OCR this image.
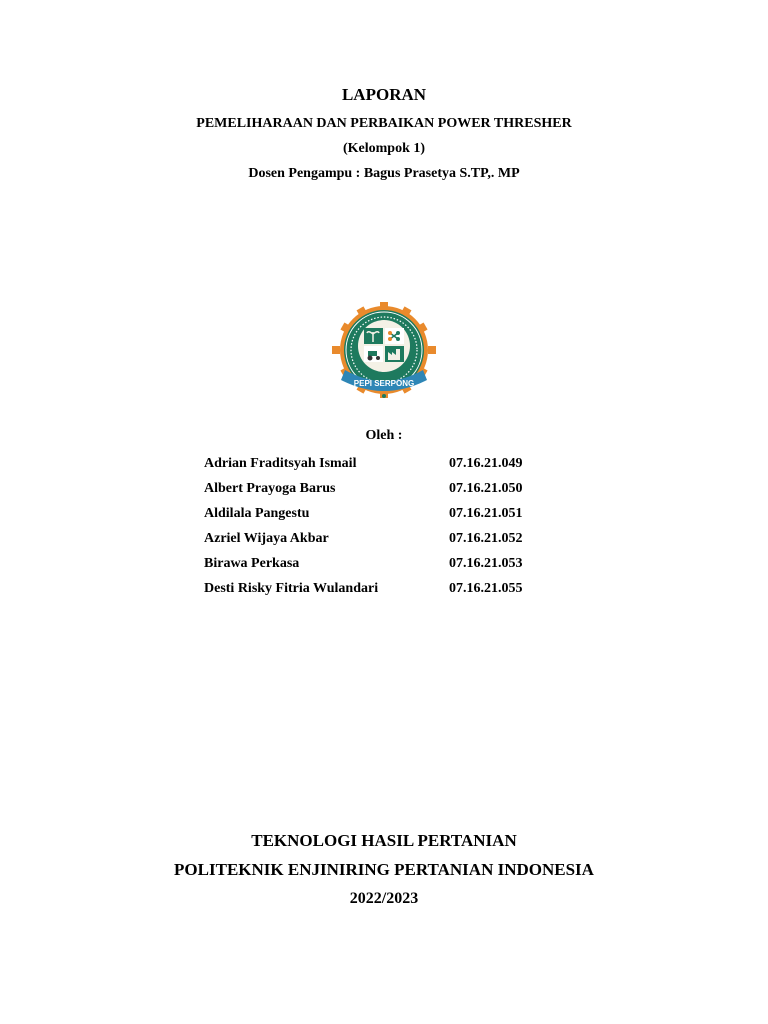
LAPORAN
PEMELIHARAAN DAN PERBAIKAN POWER THRESHER
(Kelompok 1)
Dosen Pengampu : Bagus Prasetya S.TP,. MP
PEPI SERPONG
Oleh :
Adrian Fraditsyah Ismail	07.16.21.049
Albert Prayoga Barus	07.16.21.050
Aldilala Pangestu	07.16.21.051
Azriel Wijaya Akbar	07.16.21.052
Birawa Perkasa	07.16.21.053
Desti Risky Fitria Wulandari	07.16.21.055
TEKNOLOGI HASIL PERTANIAN
POLITEKNIK ENJINIRING PERTANIAN INDONESIA
2022/2023
